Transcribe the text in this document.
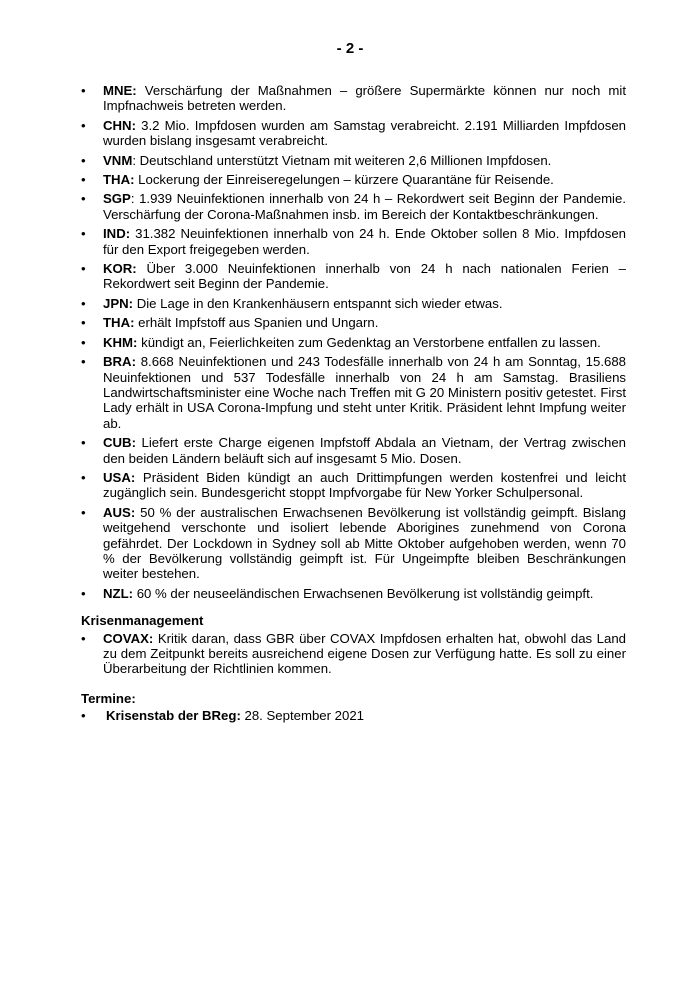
- 2 -
• MNE: Verschärfung der Maßnahmen – größere Supermärkte können nur noch mit Impfnachweis betreten werden.
• CHN: 3.2 Mio. Impfdosen wurden am Samstag verabreicht. 2.191 Milliarden Impfdosen wurden bislang insgesamt verabreicht.
• VNM: Deutschland unterstützt Vietnam mit weiteren 2,6 Millionen Impfdosen.
• THA: Lockerung der Einreiseregelungen – kürzere Quarantäne für Reisende.
• SGP: 1.939 Neuinfektionen innerhalb von 24 h – Rekordwert seit Beginn der Pandemie. Verschärfung der Corona-Maßnahmen insb. im Bereich der Kontaktbeschränkungen.
• IND: 31.382 Neuinfektionen innerhalb von 24 h. Ende Oktober sollen 8 Mio. Impfdosen für den Export freigegeben werden.
• KOR: Über 3.000 Neuinfektionen innerhalb von 24 h nach nationalen Ferien – Rekordwert seit Beginn der Pandemie.
• JPN: Die Lage in den Krankenhäusern entspannt sich wieder etwas.
• THA: erhält Impfstoff aus Spanien und Ungarn.
• KHM: kündigt an, Feierlichkeiten zum Gedenktag an Verstorbene entfallen zu lassen.
• BRA: 8.668 Neuinfektionen und 243 Todesfälle innerhalb von 24 h am Sonntag, 15.688 Neuinfektionen und 537 Todesfälle innerhalb von 24 h am Samstag. Brasiliens Landwirtschaftsminister eine Woche nach Treffen mit G 20 Ministern positiv getestet. First Lady erhält in USA Corona-Impfung und steht unter Kritik. Präsident lehnt Impfung weiter ab.
• CUB: Liefert erste Charge eigenen Impfstoff Abdala an Vietnam, der Vertrag zwischen den beiden Ländern beläuft sich auf insgesamt 5 Mio. Dosen.
• USA: Präsident Biden kündigt an auch Drittimpfungen werden kostenfrei und leicht zugänglich sein. Bundesgericht stoppt Impfvorgabe für New Yorker Schulpersonal.
• AUS: 50 % der australischen Erwachsenen Bevölkerung ist vollständig geimpft. Bislang weitgehend verschonte und isoliert lebende Aborigines zunehmend von Corona gefährdet. Der Lockdown in Sydney soll ab Mitte Oktober aufgehoben werden, wenn 70 % der Bevölkerung vollständig geimpft ist. Für Ungeimpfte bleiben Beschränkungen weiter bestehen.
• NZL: 60 % der neuseeländischen Erwachsenen Bevölkerung ist vollständig geimpft.
Krisenmanagement
• COVAX: Kritik daran, dass GBR über COVAX Impfdosen erhalten hat, obwohl das Land zu dem Zeitpunkt bereits ausreichend eigene Dosen zur Verfügung hatte. Es soll zu einer Überarbeitung der Richtlinien kommen.
Termine:
• Krisenstab der BReg: 28. September 2021
